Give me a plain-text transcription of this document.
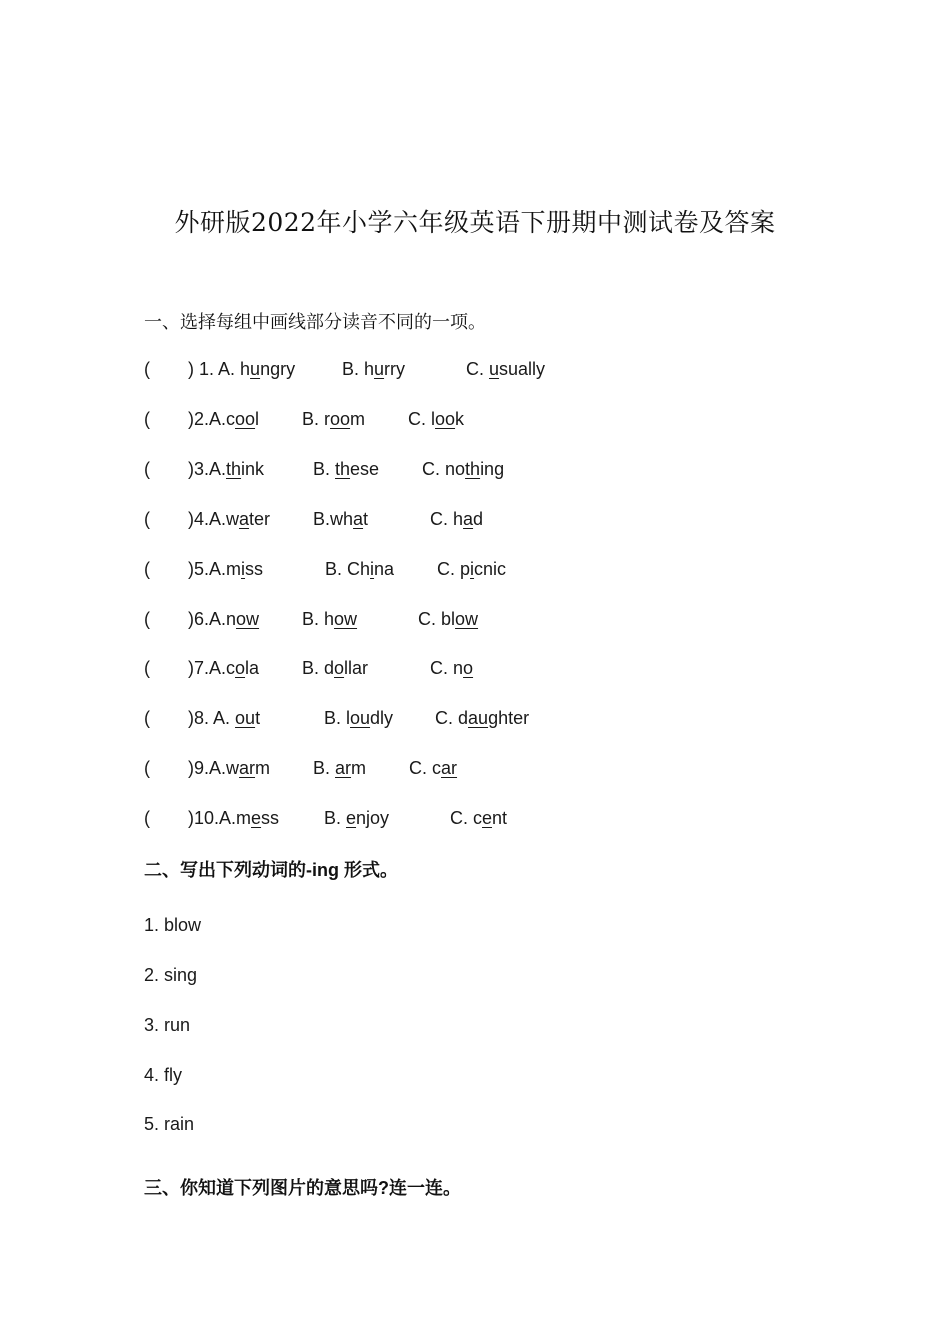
外研版2022年小学六年级英语下册期中测试卷及答案
一、选择每组中画线部分读音不同的一项。
( ) 1. A. hungry	B. hurry	C. usually
( )2.A.cool B. room C. look
( )3.A.think	B. these C. nothing
( )4.A.water B.what	C. had
( )5.A.miss	B. China C. picnic
( )6.A.now B. how	C. blow
( )7.A.cola B. dollar	C. no
( )8. A. out	B. loudly C. daughter
( )9.A.warm B. arm C. car
( )10.A.mess B. enjoy	C. cent
二、写出下列动词的-ing 形式。
1. blow
2. sing
3. run
4. fly
5. rain
三、你知道下列图片的意思吗?连一连。
